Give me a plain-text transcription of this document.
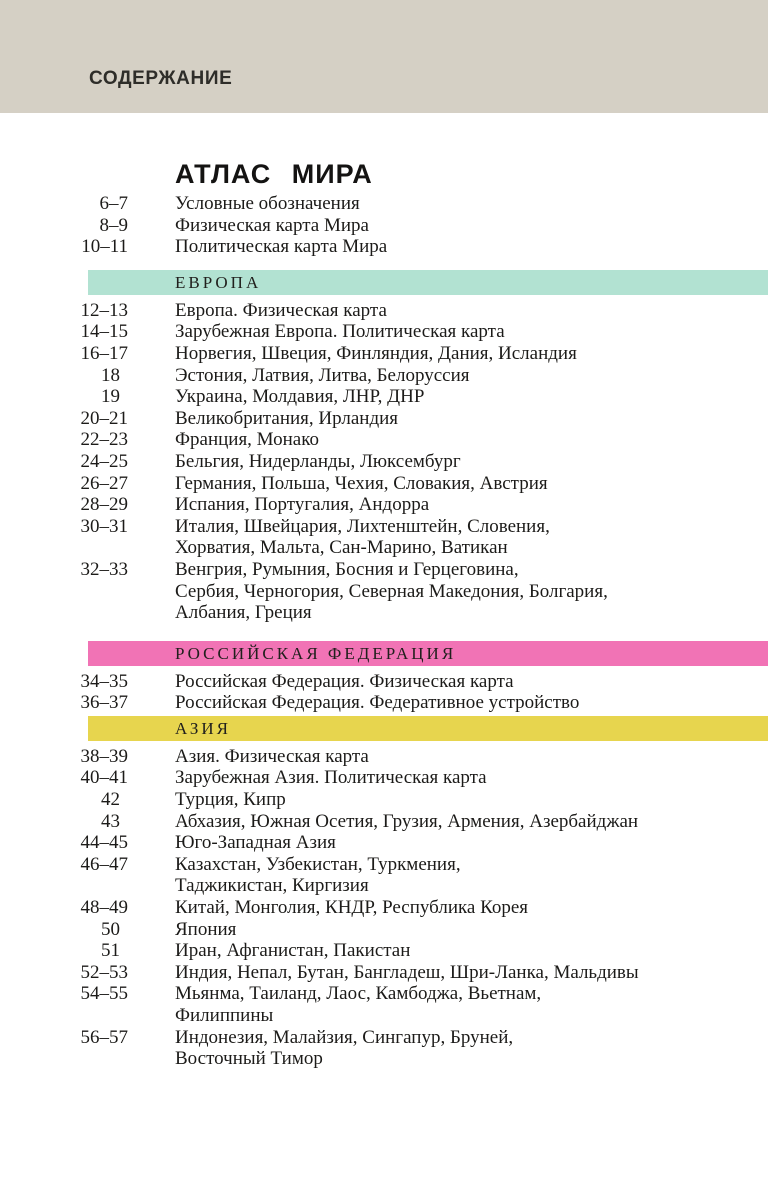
СОДЕРЖАНИЕ
АТЛАС МИРА
6–7 Условные обозначения
8–9 Физическая карта Мира
10–11 Политическая карта Мира
ЕВРОПА
12–13 Европа. Физическая карта
14–15 Зарубежная Европа. Политическая карта
16–17 Норвегия, Швеция, Финляндия, Дания, Исландия
18	Эстония, Латвия, Литва, Белоруссия
19	Украина, Молдавия, ЛНР, ДНР
20–21 Великобритания, Ирландия
22–23 Франция, Монако
24–25 Бельгия, Нидерланды, Люксембург
26–27 Германия, Польша, Чехия, Словакия, Австрия
28–29 Испания, Португалия, Андорра
30–31 Италия, Швейцария, Лихтенштейн, Словения,
Хорватия, Мальта, Сан-Марино, Ватикан
32–33 Венгрия, Румыния, Босния и Герцеговина,
Сербия, Черногория, Северная Македония, Болгария,
Албания, Греция
РОССИЙСКАЯ ФЕДЕРАЦИЯ
34–35 Российская Федерация. Физическая карта
36–37 Российская Федерация. Федеративное устройство
АЗИЯ
38–39 Азия. Физическая карта
40–41 Зарубежная Азия. Политическая карта
42	Турция, Кипр
43	Абхазия, Южная Осетия, Грузия, Армения, Азербайджан
44–45 Юго-Западная Азия
46–47 Казахстан, Узбекистан, Туркмения,
Таджикистан, Киргизия
48–49 Китай, Монголия, КНДР, Республика Корея
50	Япония
51	Иран, Афганистан, Пакистан
52–53 Индия, Непал, Бутан, Бангладеш, Шри-Ланка, Мальдивы
54–55 Мьянма, Таиланд, Лаос, Камбоджа, Вьетнам,
Филиппины
56–57 Индонезия, Малайзия, Сингапур, Бруней,
Восточный Тимор
